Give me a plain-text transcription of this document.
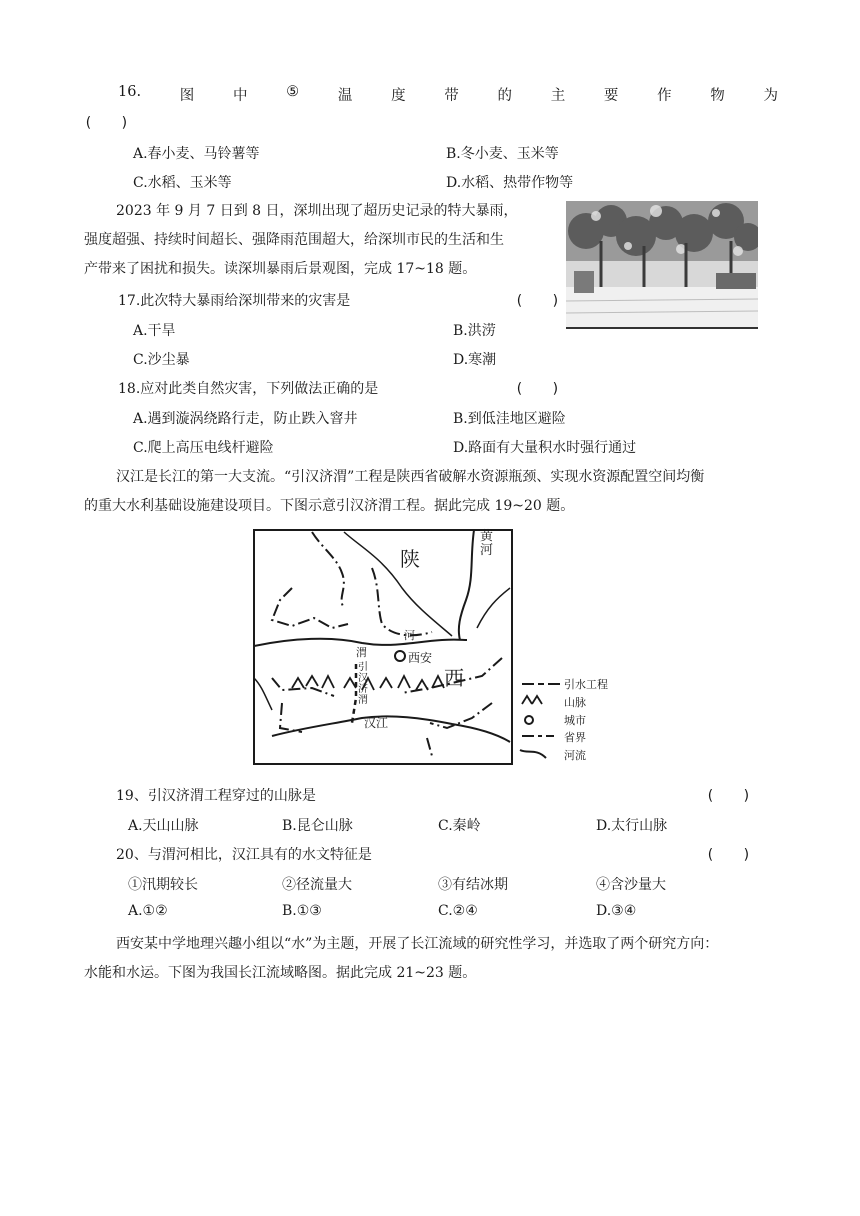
16.	图	中	⑤	温	度	带	的	主	要	作	物	为
(　　)
A.春小麦、马铃薯等	B.冬小麦、玉米等
C.水稻、玉米等	D.水稻、热带作物等
2023 年 9 月 7 日到 8 日，深圳出现了超历史记录的特大暴雨，
强度超强、持续时间超长、强降雨范围超大，给深圳市民的生活和生
产带来了困扰和损失。读深圳暴雨后景观图，完成 17~18 题。
17.此次特大暴雨给深圳带来的灾害是	(　　)
A.干旱	B.洪涝
C.沙尘暴	D.寒潮
18.应对此类自然灾害，下列做法正确的是	(　　)
A.遇到漩涡绕路行走，防止跌入窨井	B.到低洼地区避险
C.爬上高压电线杆避险	D.路面有大量积水时强行通过
汉江是长江的第一大支流。“引汉济渭”工程是陕西省破解水资源瓶颈、实现水资源配置空间均衡
的重大水利基础设施建设项目。下图示意引汉济渭工程。据此完成 19~20 题。
陕
黄
河
河
渭	西安
西
引
汉
济
渭
汉江
引水工程
山脉
城市
省界
河流
19、引汉济渭工程穿过的山脉是	(　　)
A.天山山脉	B.昆仑山脉	C.秦岭	D.太行山脉
20、与渭河相比，汉江具有的水文特征是	(　　)
①汛期较长	②径流量大	③有结冰期	④含沙量大
A.①②	B.①③	C.②④	D.③④
西安某中学地理兴趣小组以“水”为主题，开展了长江流域的研究性学习，并选取了两个研究方向：
水能和水运。下图为我国长江流域略图。据此完成 21~23 题。
